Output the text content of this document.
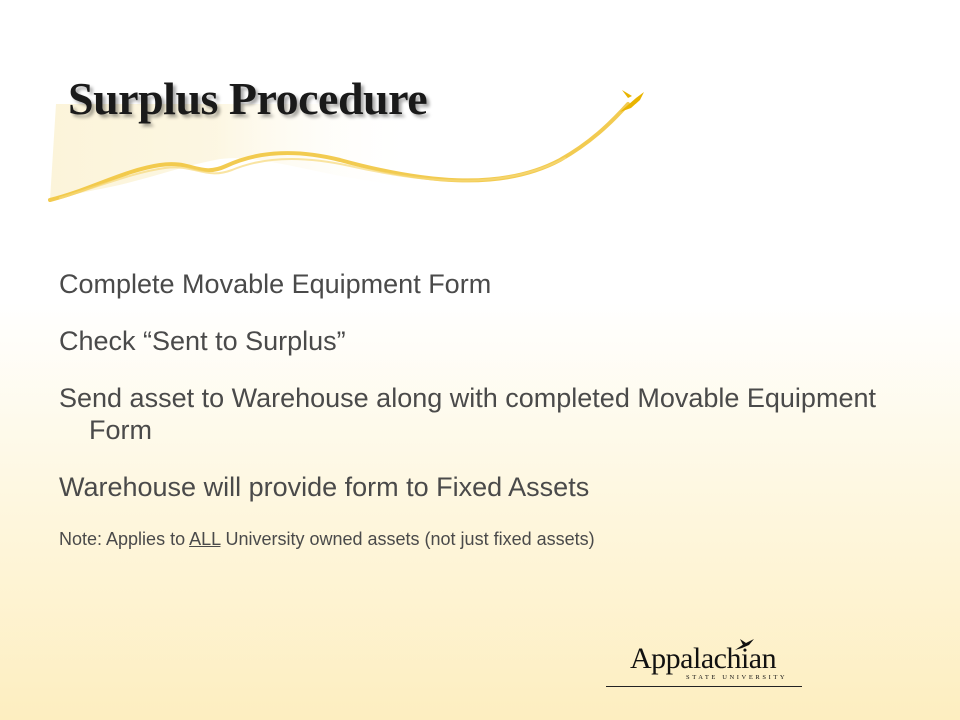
Surplus Procedure
Complete Movable Equipment Form
Check “Sent to Surplus”
Send asset to Warehouse along with completed Movable Equipment Form
Warehouse will provide form to Fixed Assets
Note: Applies to ALL University owned assets (not just fixed assets)
Appalachian
STATE UNIVERSITY
